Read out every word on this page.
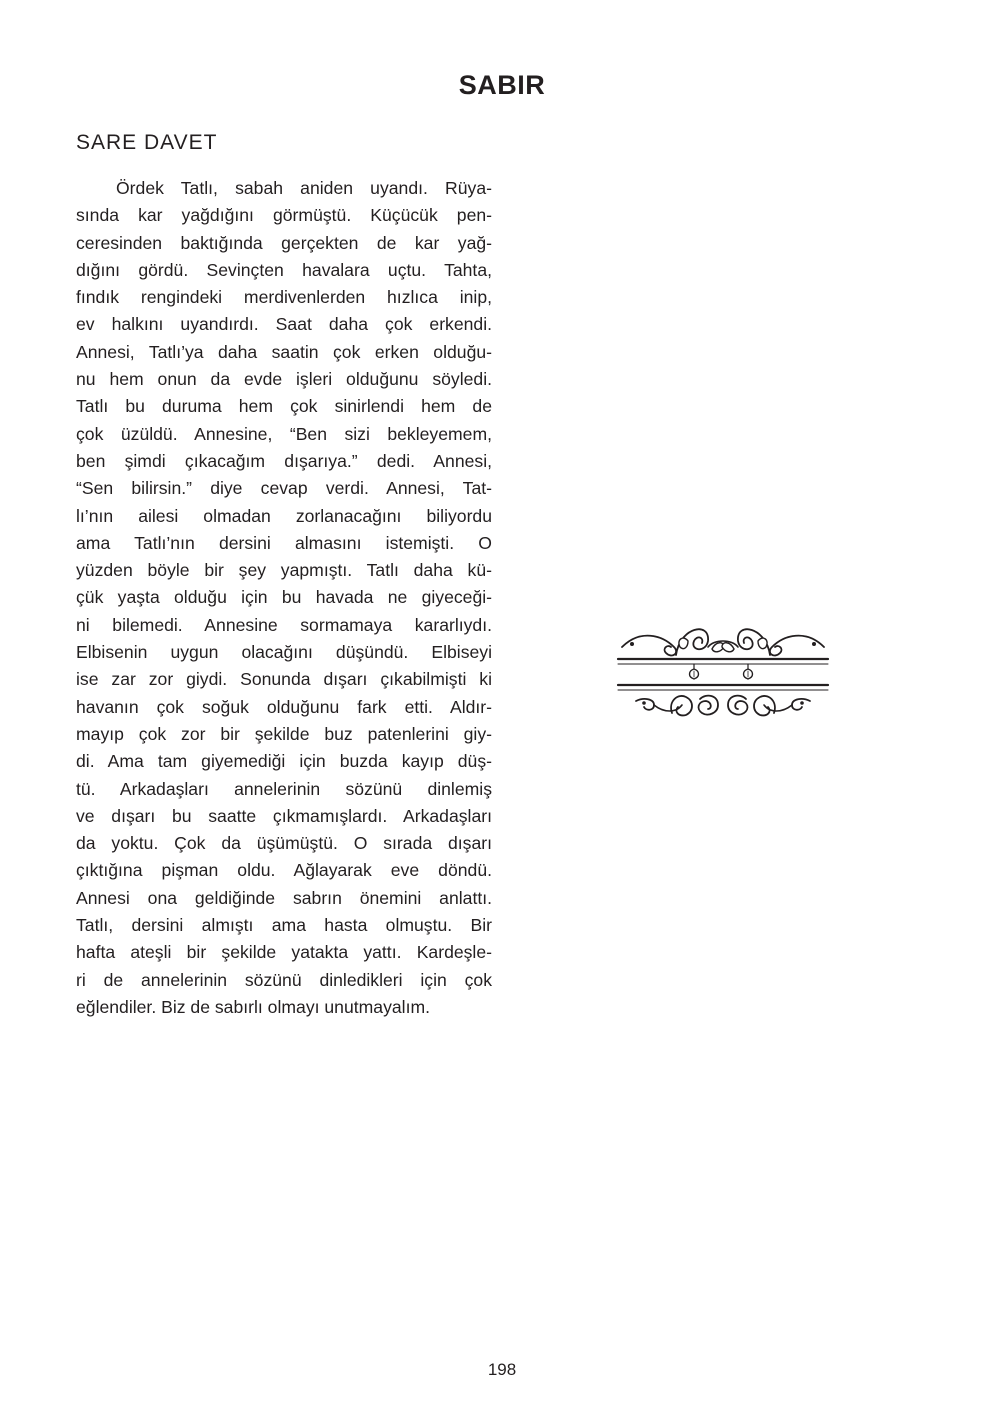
SABIR
SARE DAVET
Ördek Tatlı, sabah aniden uyandı. Rüya-
sında kar yağdığını görmüştü. Küçücük pen-
ceresinden baktığında gerçekten de kar yağ-
dığını gördü. Sevinçten havalara uçtu. Tahta,
fındık rengindeki merdivenlerden hızlıca inip,
ev halkını uyandırdı. Saat daha çok erkendi.
Annesi, Tatlı’ya daha saatin çok erken olduğu-
nu hem onun da evde işleri olduğunu söyledi.
Tatlı bu duruma hem çok sinirlendi hem de
çok üzüldü. Annesine, “Ben sizi bekleyemem,
ben şimdi çıkacağım dışarıya.” dedi. Annesi,
“Sen bilirsin.” diye cevap verdi. Annesi, Tat-
lı’nın ailesi olmadan zorlanacağını biliyordu
ama Tatlı’nın dersini almasını istemişti. O
yüzden böyle bir şey yapmıştı. Tatlı daha kü-
çük yaşta olduğu için bu havada ne giyeceği-
ni bilemedi. Annesine sormamaya kararlıydı.
Elbisenin uygun olacağını düşündü. Elbiseyi
ise zar zor giydi. Sonunda dışarı çıkabilmişti ki
havanın çok soğuk olduğunu fark etti. Aldır-
mayıp çok zor bir şekilde buz patenlerini giy-
di. Ama tam giyemediği için buzda kayıp düş-
tü. Arkadaşları annelerinin sözünü dinlemiş
ve dışarı bu saatte çıkmamışlardı. Arkadaşları
da yoktu. Çok da üşümüştü. O sırada dışarı
çıktığına pişman oldu. Ağlayarak eve döndü.
Annesi ona geldiğinde sabrın önemini anlattı.
Tatlı, dersini almıştı ama hasta olmuştu. Bir
hafta ateşli bir şekilde yatakta yattı. Kardeşle-
ri de annelerinin sözünü dinledikleri için çok
eğlendiler. Biz de sabırlı olmayı unutmayalım.
198
